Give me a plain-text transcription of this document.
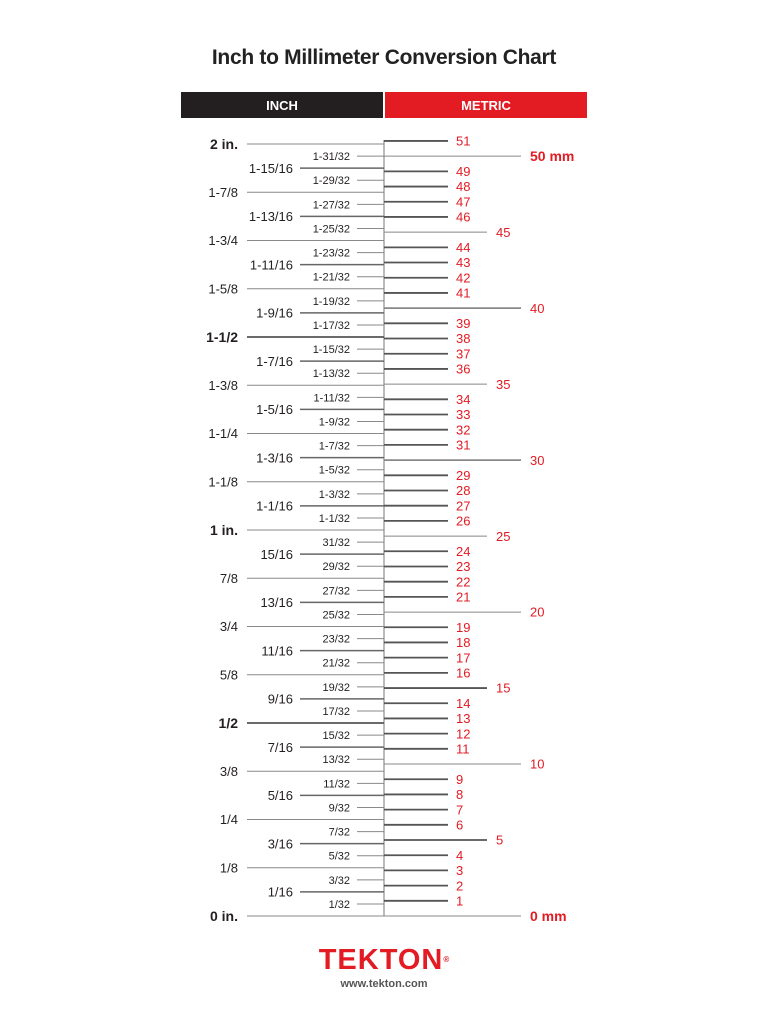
Inch to Millimeter Conversion Chart
INCH	METRIC
0 in.
1/32
1/16
3/32
1/8
5/32
3/16
7/32
1/4
9/32
5/16
11/32
3/8
13/32
7/16
15/32
1/2
17/32
9/16
19/32
5/8
21/32
11/16
23/32
3/4
25/32
13/16
27/32
7/8
29/32
15/16
31/32
1 in.
1-1/32
1-1/16
1-3/32
1-1/8
1-5/32
1-3/16
1-7/32
1-1/4
1-9/32
1-5/16
1-11/32
1-3/8
1-13/32
1-7/16
1-15/32
1-1/2
1-17/32
1-9/16
1-19/32
1-5/8
1-21/32
1-11/16
1-23/32
1-3/4
1-25/32
1-13/16
1-27/32
1-7/8
1-29/32
1-15/16
1-31/32
2 in.
0 mm
1
2
3
4
5
6
7
8
9
10
11
12
13
14
15
16
17
18
19
20
21
22
23
24
25
26
27
28
29
30
31
32
33
34
35
36
37
38
39
40
41
42
43
44
45
46
47
48
49
50 mm
51
TEKTON®
www.tekton.com
